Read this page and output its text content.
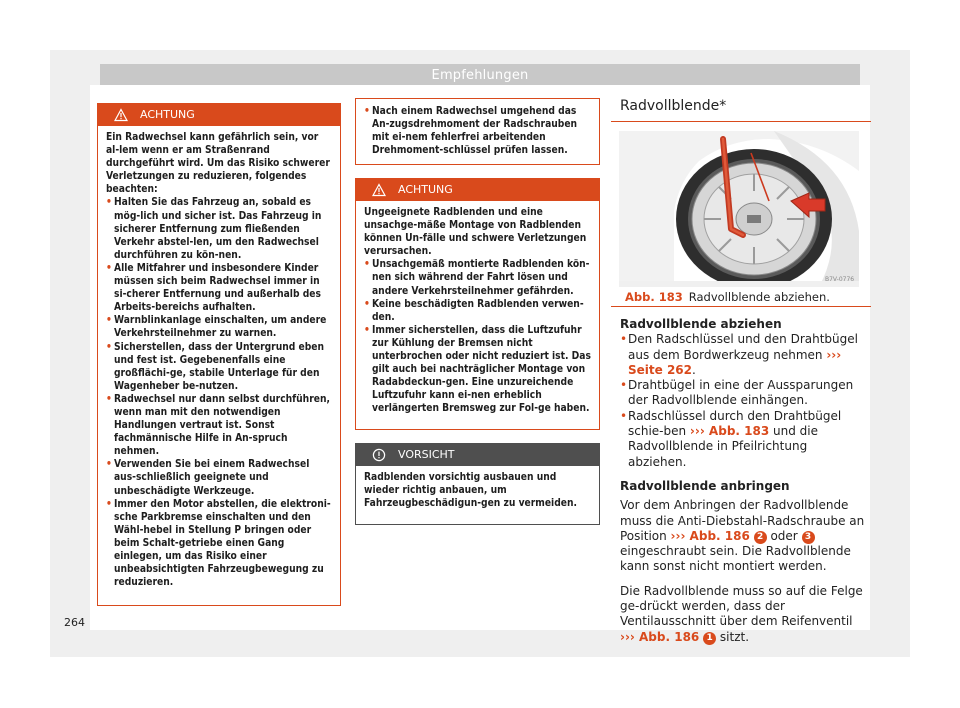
Empfehlungen
ACHTUNG

Ein Radwechsel kann gefährlich sein, vor al-lem wenn er am Straßenrand durchgeführt wird. Um das Risiko schwerer Verletzungen zu reduzieren, folgendes beachten:

• Halten Sie das Fahrzeug an, sobald es mög-lich und sicher ist. Das Fahrzeug in sicherer Entfernung zum fließenden Verkehr abstel-len, um den Radwechsel durchführen zu kön-nen.

• Alle Mitfahrer und insbesondere Kinder müssen sich beim Radwechsel immer in si-cherer Entfernung und außerhalb des Arbeits-bereichs aufhalten.

• Warnblinkanlage einschalten, um andere Verkehrsteilnehmer zu warnen.

• Sicherstellen, dass der Untergrund eben und fest ist. Gegebenenfalls eine großflächi-ge, stabile Unterlage für den Wagenheber be-nutzen.

• Radwechsel nur dann selbst durchführen, wenn man mit den notwendigen Handlungen vertraut ist. Sonst fachmännische Hilfe in An-spruch nehmen.

• Verwenden Sie bei einem Radwechsel aus-schließlich geeignete und unbeschädigte Werkzeuge.

• Immer den Motor abstellen, die elektroni-sche Parkbremse einschalten und den Wähl-hebel in Stellung P bringen oder beim Schalt-getriebe einen Gang einlegen, um das Risiko einer unbeabsichtigten Fahrzeugbewegung zu reduzieren.

• Nach einem Radwechsel umgehend das An-zugsdrehmoment der Radschrauben mit ei-nem fehlerfrei arbeitenden Drehmoment-schlüssel prüfen lassen.

ACHTUNG

Ungeeignete Radblenden und eine unsachge-mäße Montage von Radblenden können Un-fälle und schwere Verletzungen verursachen.

• Unsachgemäß montierte Radblenden kön-nen sich während der Fahrt lösen und andere Verkehrsteilnehmer gefährden.

• Keine beschädigten Radblenden verwen-den.

• Immer sicherstellen, dass die Luftzufuhr zur Kühlung der Bremsen nicht unterbrochen oder nicht reduziert ist. Das gilt auch bei nachträglicher Montage von Radabdeckun-gen. Eine unzureichende Luftzufuhr kann ei-nen erheblich verlängerten Bremsweg zur Fol-ge haben.

VORSICHT

Radblenden vorsichtig ausbauen und wieder richtig anbauen, um Fahrzeugbeschädigun-gen zu vermeiden.

Radvollblende*
B7V-0776
Abb. 183 Radvollblende abziehen.
Radvollblende abziehen
• Den Radschlüssel und den Drahtbügel aus dem Bordwerkzeug nehmen ››› Seite 262.
• Drahtbügel in eine der Aussparungen der Radvollblende einhängen.
• Radschlüssel durch den Drahtbügel schie-ben ››› Abb. 183 und die Radvollblende in Pfeilrichtung abziehen.
Radvollblende anbringen

Vor dem Anbringen der Radvollblende muss die Anti-Diebstahl-Radschraube an Position ››› Abb. 186 2 oder 3 eingeschraubt sein. Die Radvollblende kann sonst nicht montiert werden.

Die Radvollblende muss so auf die Felge ge-drückt werden, dass der Ventilausschnitt über dem Reifenventil ››› Abb. 186 1 sitzt.

264
